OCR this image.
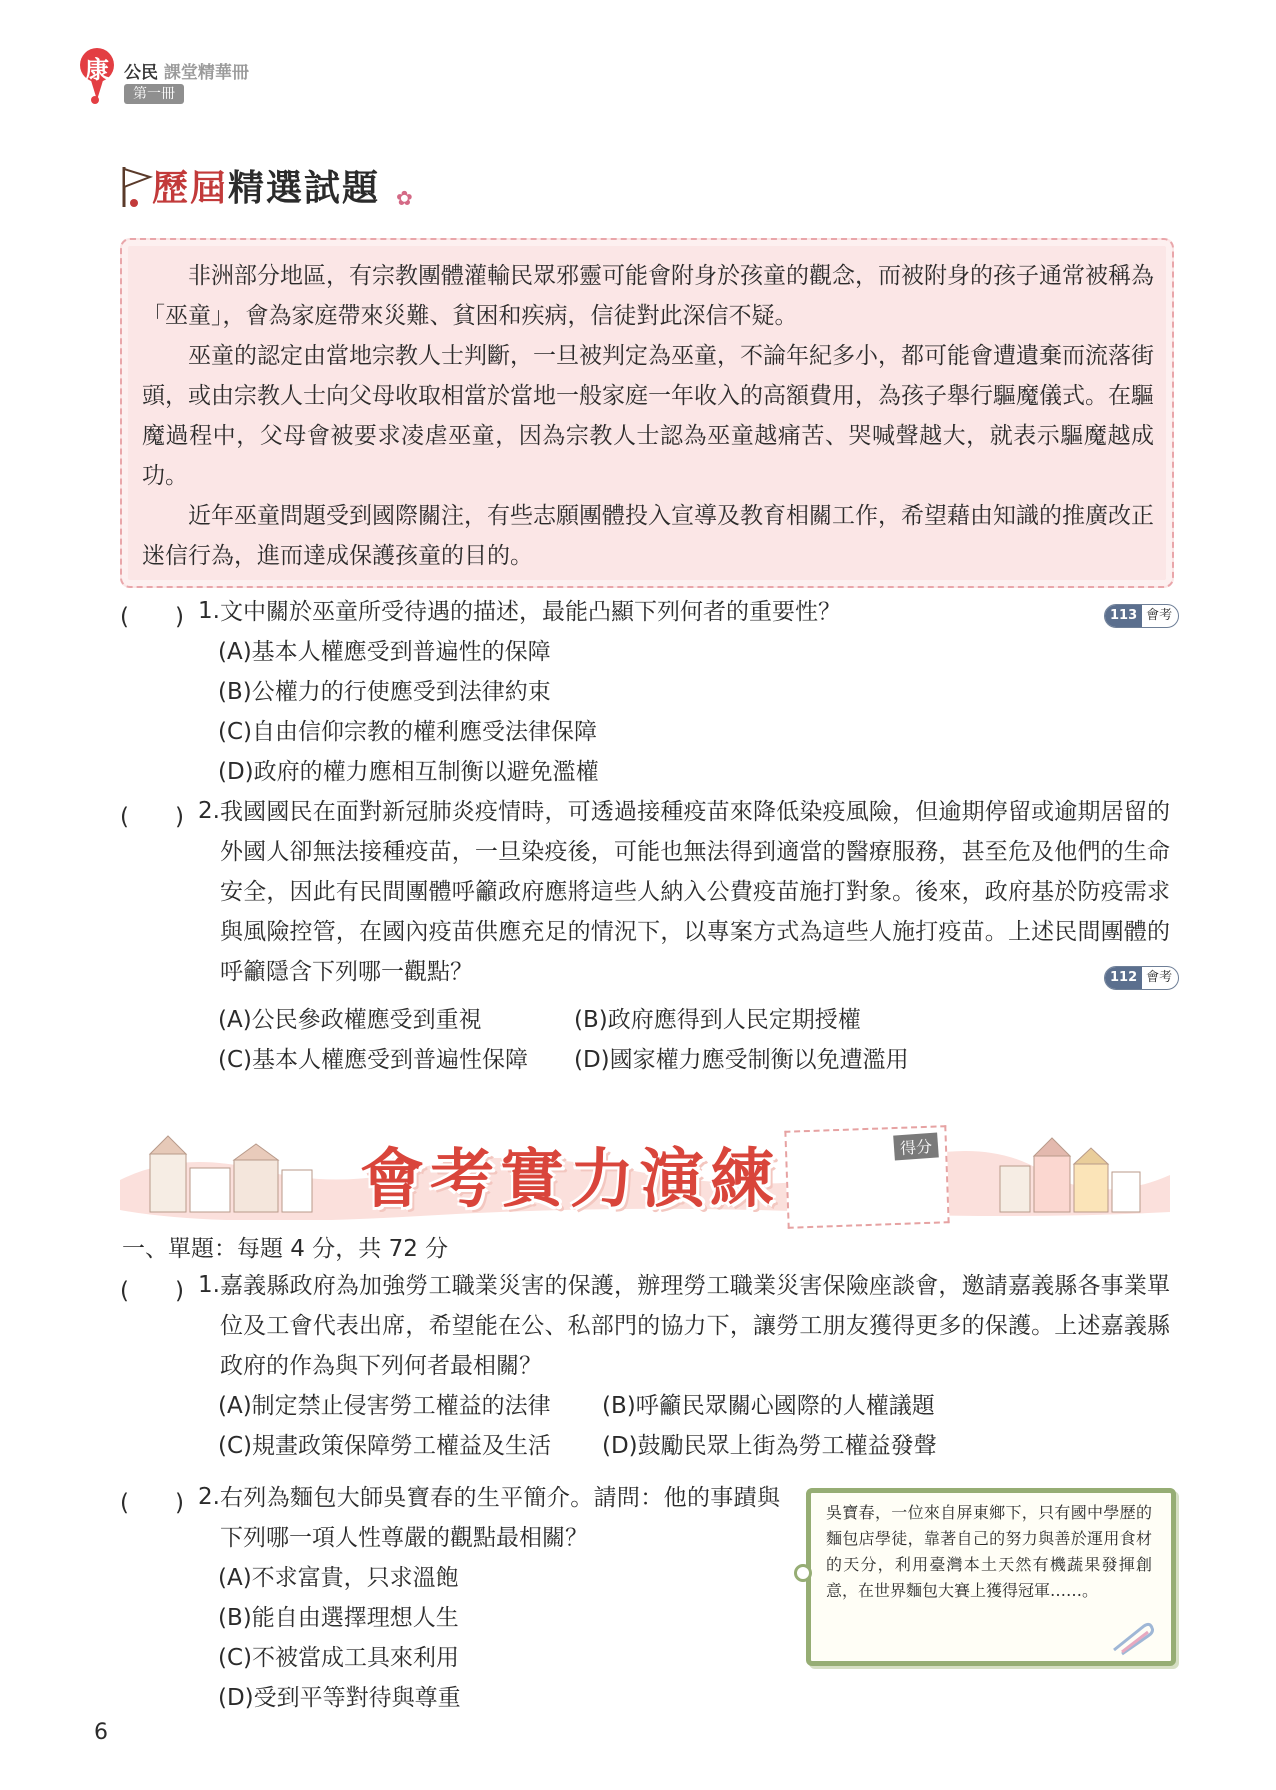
康 公民 課堂精華冊
第一冊
歷屆精選試題 ✿

非洲部分地區，有宗教團體灌輸民眾邪靈可能會附身於孩童的觀念，而被附身的孩子通常被稱為「巫童」，會為家庭帶來災難、貧困和疾病，信徒對此深信不疑。

巫童的認定由當地宗教人士判斷，一旦被判定為巫童，不論年紀多小，都可能會遭遺棄而流落街頭，或由宗教人士向父母收取相當於當地一般家庭一年收入的高額費用，為孩子舉行驅魔儀式。在驅魔過程中，父母會被要求凌虐巫童，因為宗教人士認為巫童越痛苦、哭喊聲越大，就表示驅魔越成功。

近年巫童問題受到國際關注，有些志願團體投入宣導及教育相關工作，希望藉由知識的推廣改正迷信行為，進而達成保護孩童的目的。

(　　) 1. 文中關於巫童所受待遇的描述，最能凸顯下列何者的重要性？	113 會考
(A)基本人權應受到普遍性的保障
(B)公權力的行使應受到法律約束
(C)自由信仰宗教的權利應受法律保障
(D)政府的權力應相互制衡以避免濫權
(　　) 2. 我國國民在面對新冠肺炎疫情時，可透過接種疫苗來降低染疫風險，但逾期停留或逾期居留的外國人卻無法接種疫苗，一旦染疫後，可能也無法得到適當的醫療服務，甚至危及他們的生命安全，因此有民間團體呼籲政府應將這些人納入公費疫苗施打對象。後來，政府基於防疫需求與風險控管，在國內疫苗供應充足的情況下，以專案方式為這些人施打疫苗。上述民間團體的呼籲隱含下列哪一觀點？	112 會考
(A)公民參政權應受到重視	(B)政府應得到人民定期授權
(C)基本人權應受到普遍性保障 (D)國家權力應受制衡以免遭濫用
會考實力演練	得分
一、單題：每題 4 分，共 72 分
(　　) 1. 嘉義縣政府為加強勞工職業災害的保護，辦理勞工職業災害保險座談會，邀請嘉義縣各事業單位及工會代表出席，希望能在公、私部門的協力下，讓勞工朋友獲得更多的保護。上述嘉義縣政府的作為與下列何者最相關？
(A)制定禁止侵害勞工權益的法律 (B)呼籲民眾關心國際的人權議題
(C)規畫政策保障勞工權益及生活 (D)鼓勵民眾上街為勞工權益發聲
(　　) 2. 右列為麵包大師吳寶春的生平簡介。請問：他的事蹟與下列哪一項人性尊嚴的觀點最相關？
(A)不求富貴，只求溫飽
(B)能自由選擇理想人生
(C)不被當成工具來利用
(D)受到平等對待與尊重
吳寶春，一位來自屏東鄉下，只有國中學歷的麵包店學徒，靠著自己的努力與善於運用食材的天分，利用臺灣本土天然有機蔬果發揮創意，在世界麵包大賽上獲得冠軍……。
6
